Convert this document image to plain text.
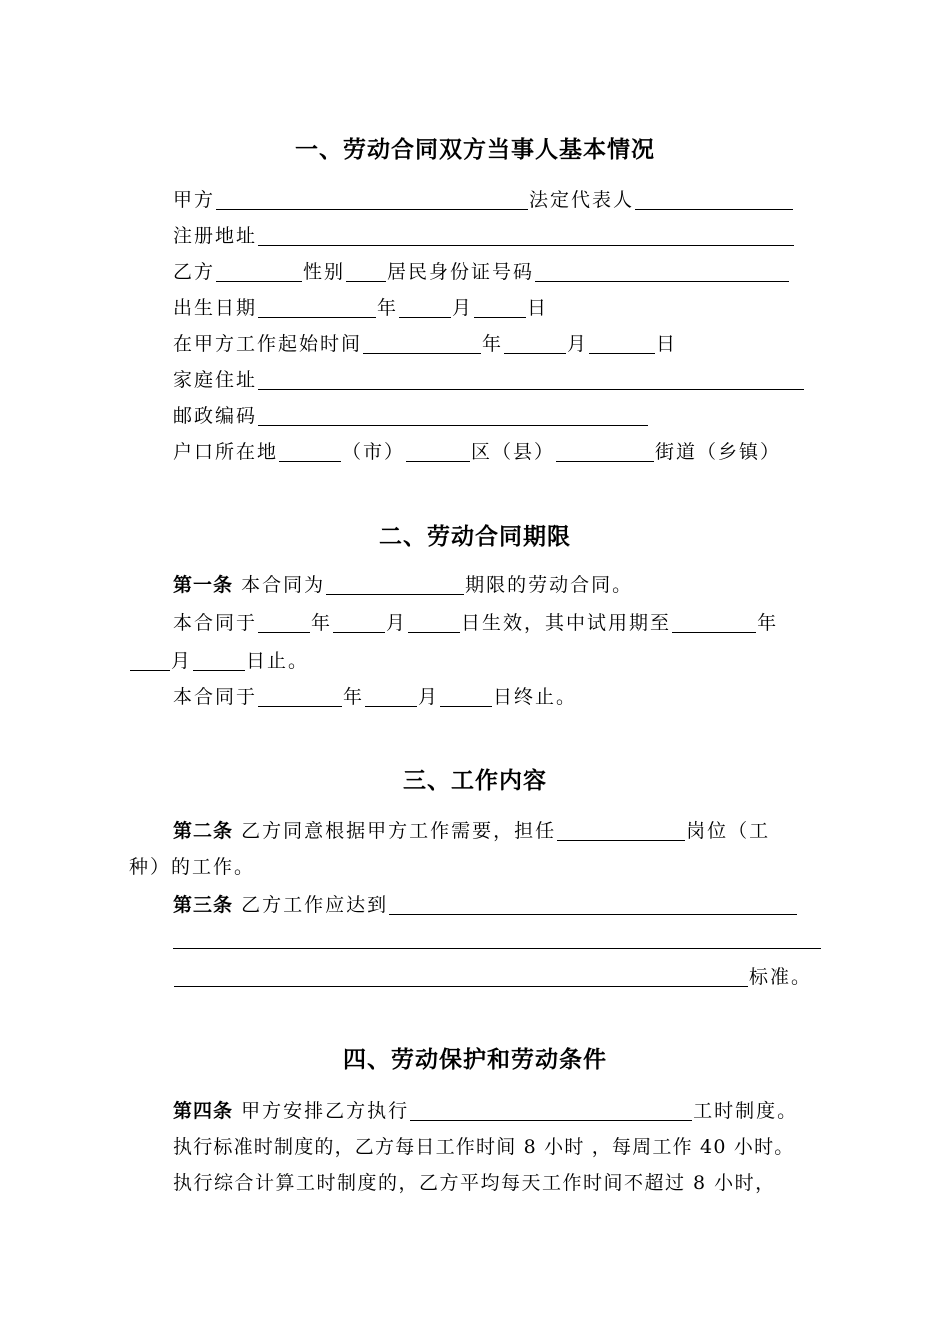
一、劳动合同双方当事人基本情况
甲方	法定代表人
注册地址
乙方	性别 居民身份证号码
出生日期	年	月	日
在甲方工作起始时间	年	月	日
家庭住址
邮政编码
户口所在地	（市）	区（县）	街道（乡镇）
二、劳动合同期限
第一条 本合同为	期限的劳动合同。
本合同于	年	月	日生效，其中试用期至	年
月	日止。
本合同于	年	月	日终止。
三、工作内容
第二条 乙方同意根据甲方工作需要，担任	岗位（工
种）的工作。
第三条 乙方工作应达到
标准。
四、劳动保护和劳动条件
第四条 甲方安排乙方执行	工时制度。
执行标准时制度的，乙方每日工作时间 8 小时 ，每周工作 40 小时。
执行综合计算工时制度的，乙方平均每天工作时间不超过 8 小时，
